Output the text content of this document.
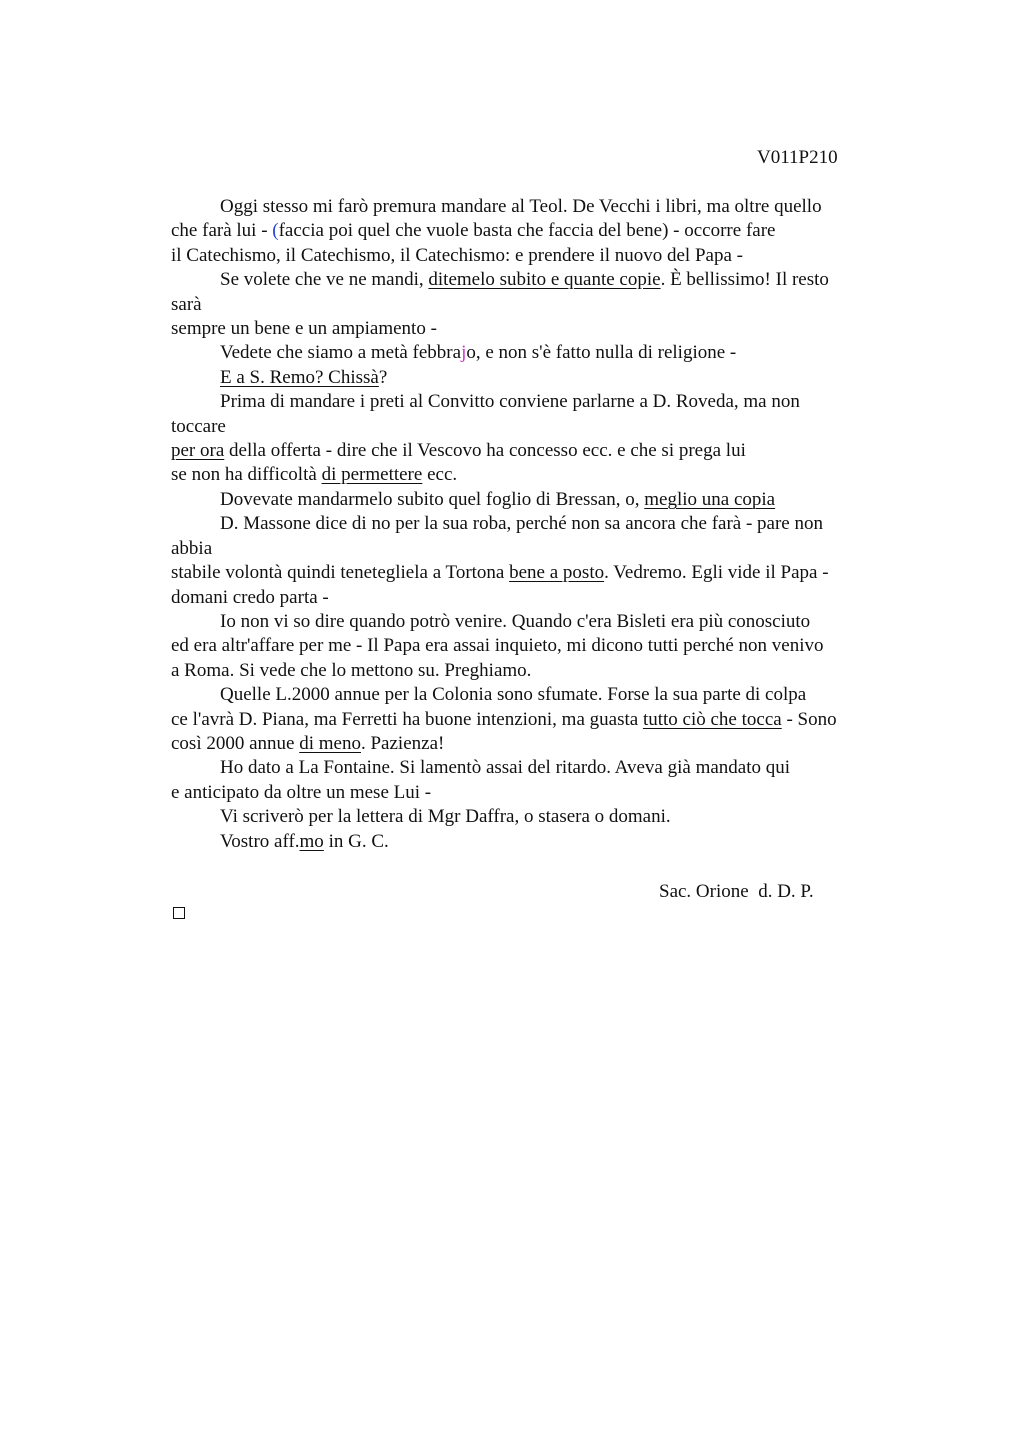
V011P210

Oggi stesso mi farò premura mandare al Teol. De Vecchi i libri, ma oltre quello
che farà lui - (faccia poi quel che vuole basta che faccia del bene) - occorre fare
il Catechismo, il Catechismo, il Catechismo: e prendere il nuovo del Papa -
Se volete che ve ne mandi, ditemelo subito e quante copie. È bellissimo! Il resto
sarà
sempre un bene e un ampiamento -
Vedete che siamo a metà febbrajo, e non s'è fatto nulla di religione -
E a S. Remo? Chissà?
Prima di mandare i preti al Convitto conviene parlarne a D. Roveda, ma non
toccare
per ora della offerta - dire che il Vescovo ha concesso ecc. e che si prega lui
se non ha difficoltà di permettere ecc.
Dovevate mandarmelo subito quel foglio di Bressan, o, meglio una copia
D. Massone dice di no per la sua roba, perché non sa ancora che farà - pare non
abbia
stabile volontà quindi tenetegliela a Tortona bene a posto. Vedremo. Egli vide il Papa -
domani credo parta -
Io non vi so dire quando potrò venire. Quando c'era Bisleti era più conosciuto
ed era altr'affare per me - Il Papa era assai inquieto, mi dicono tutti perché non venivo
a Roma. Si vede che lo mettono su. Preghiamo.
Quelle L.2000 annue per la Colonia sono sfumate. Forse la sua parte di colpa
ce l'avrà D. Piana, ma Ferretti ha buone intenzioni, ma guasta tutto ciò che tocca - Sono
così 2000 annue di meno. Pazienza!
Ho dato a La Fontaine. Si lamentò assai del ritardo. Aveva già mandato qui
e anticipato da oltre un mese Lui -
Vi scriverò per la lettera di Mgr Daffra, o stasera o domani.
Vostro aff.mo in G. C.

Sac. Orione  d. D. P.
